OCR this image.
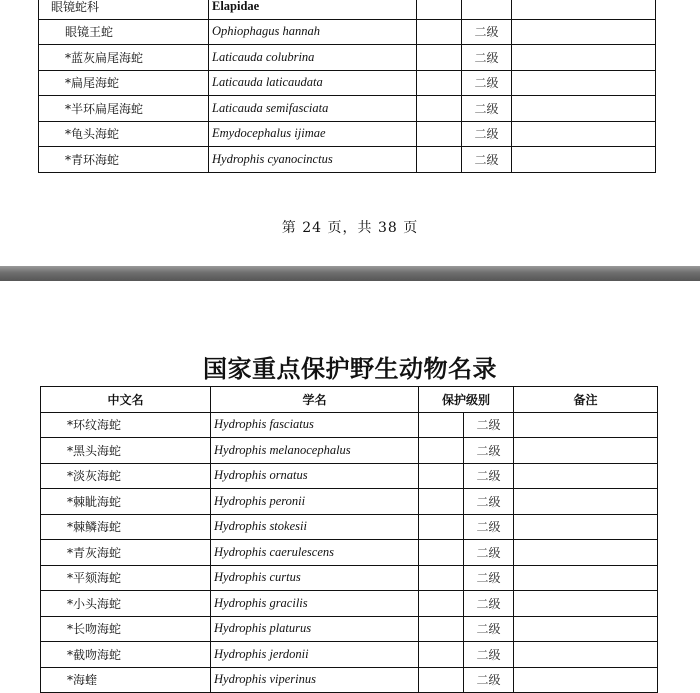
眼镜蛇科	Elapidae			
眼镜王蛇	Ophiophagus hannah		二级	
*蓝灰扁尾海蛇	Laticauda colubrina		二级	
*扁尾海蛇	Laticauda laticaudata		二级	
*半环扁尾海蛇	Laticauda semifasciata		二级	
*龟头海蛇	Emydocephalus ijimae		二级	
*青环海蛇	Hydrophis cyanocinctus		二级	
第 24 页，共 38 页
国家重点保护野生动物名录
中文名	学名	保护级别		备注
*环纹海蛇	Hydrophis fasciatus		二级	
*黑头海蛇	Hydrophis melanocephalus		二级	
*淡灰海蛇	Hydrophis ornatus		二级	
*棘眦海蛇	Hydrophis peronii		二级	
*棘鳞海蛇	Hydrophis stokesii		二级	
*青灰海蛇	Hydrophis caerulescens		二级	
*平颏海蛇	Hydrophis curtus		二级	
*小头海蛇	Hydrophis gracilis		二级	
*长吻海蛇	Hydrophis platurus		二级	
*截吻海蛇	Hydrophis jerdonii		二级	
*海蝰	Hydrophis viperinus		二级	
